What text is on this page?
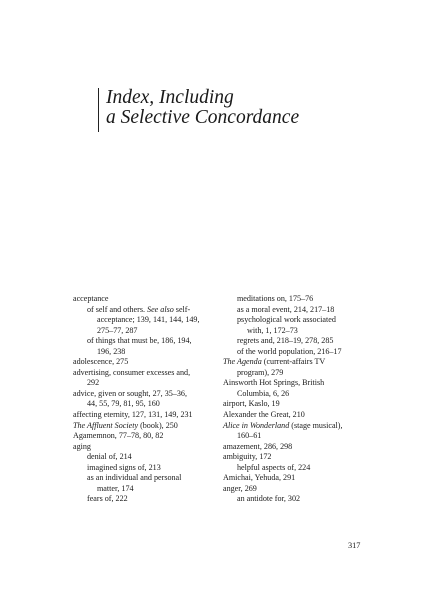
Index, Including
a Selective Concordance
acceptance
of self and others. See also self-
acceptance; 139, 141, 144, 149,
275–77, 287
of things that must be, 186, 194,
196, 238
adolescence, 275
advertising, consumer excesses and,
292
advice, given or sought, 27, 35–36,
44, 55, 79, 81, 95, 160
affecting eternity, 127, 131, 149, 231
The Affluent Society (book), 250
Agamemnon, 77–78, 80, 82
aging
denial of, 214
imagined signs of, 213
as an individual and personal
matter, 174
fears of, 222
meditations on, 175–76
as a moral event, 214, 217–18
psychological work associated
with, 1, 172–73
regrets and, 218–19, 278, 285
of the world population, 216–17
The Agenda (current-affairs TV
program), 279
Ainsworth Hot Springs, British
Columbia, 6, 26
airport, Kaslo, 19
Alexander the Great, 210
Alice in Wonderland (stage musical),
160–61
amazement, 286, 298
ambiguity, 172
helpful aspects of, 224
Amichai, Yehuda, 291
anger, 269
an antidote for, 302
317
